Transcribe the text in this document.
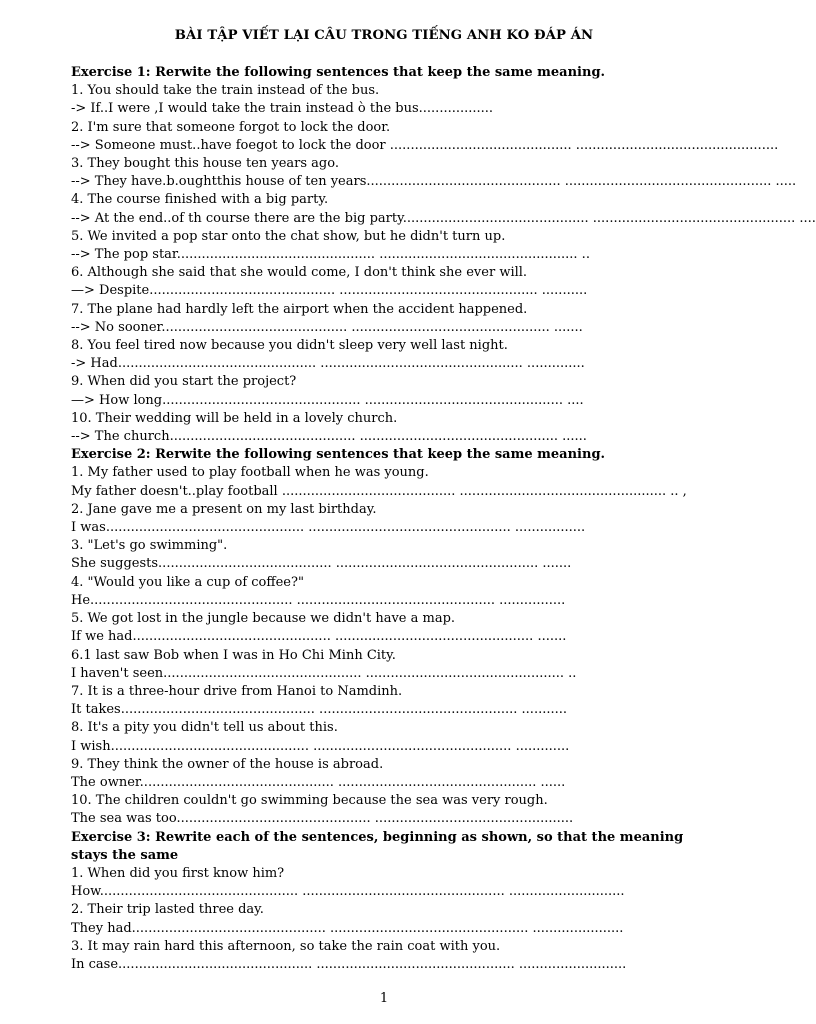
BÀI TẬP VIẾT LẠI CÂU TRONG TIẾNG ANH KO ĐÁP ÁN
Exercise 1: Rerwite the following sentences that keep the same meaning.
1. You should take the train instead of the bus.
-> If..I were ,I would take the train instead ò the bus..................
2. I'm sure that someone forgot to lock the door.
--> Someone must..have foegot to lock the door ............................................ .................................................
3. They bought this house ten years ago.
--> They have.b.oughtthis house of ten years............................................... .................................................. .....
4. The course finished with a big party.
--> At the end..of th course there are the big party............................................. ................................................. ....
5. We invited a pop star onto the chat show, but he didn't turn up.
--> The pop star................................................ ................................................ ..
6. Although she said that she would come, I don't think she ever will.
—> Despite............................................. ................................................ ...........
7. The plane had hardly left the airport when the accident happened.
--> No sooner............................................. ................................................ .......
8. You feel tired now because you didn't sleep very well last night.
-> Had................................................ ................................................. ..............
9. When did you start the project?
—> How long................................................ ................................................ ....
10. Their wedding will be held in a lovely church.
--> The church............................................. ................................................ ......
Exercise 2: Rerwite the following sentences that keep the same meaning.
1. My father used to play football when he was young.
My father doesn't..play football .......................................... .................................................. .. ,
2. Jane gave me a present on my last birthday.
I was................................................ ................................................. .................
3. "Let's go swimming".
She suggests.......................................... ................................................. .......
4. "Would you like a cup of coffee?"
He................................................. ................................................ ................
5. We got lost in the jungle because we didn't have a map.
If we had................................................ ................................................ .......
6.1 last saw Bob when I was in Ho Chi Minh City.
I haven't seen................................................ ................................................ ..
7. It is a three-hour drive from Hanoi to Namdinh.
It takes............................................... ................................................ ...........
8. It's a pity you didn't tell us about this.
I wish................................................ ................................................ .............
9. They think the owner of the house is abroad.
The owner............................................... ................................................ ......
10. The children couldn't go swimming because the sea was very rough.
The sea was too............................................... ................................................
Exercise 3: Rewrite each of the sentences, beginning as shown, so that the meaning stays the same
1. When did you first know him?
How................................................ ................................................. ............................
2. Their trip lasted three day.
They had............................................... ................................................ ......................
3. It may rain hard this afternoon, so take the rain coat with you.
In case............................................... ................................................ ..........................
1
